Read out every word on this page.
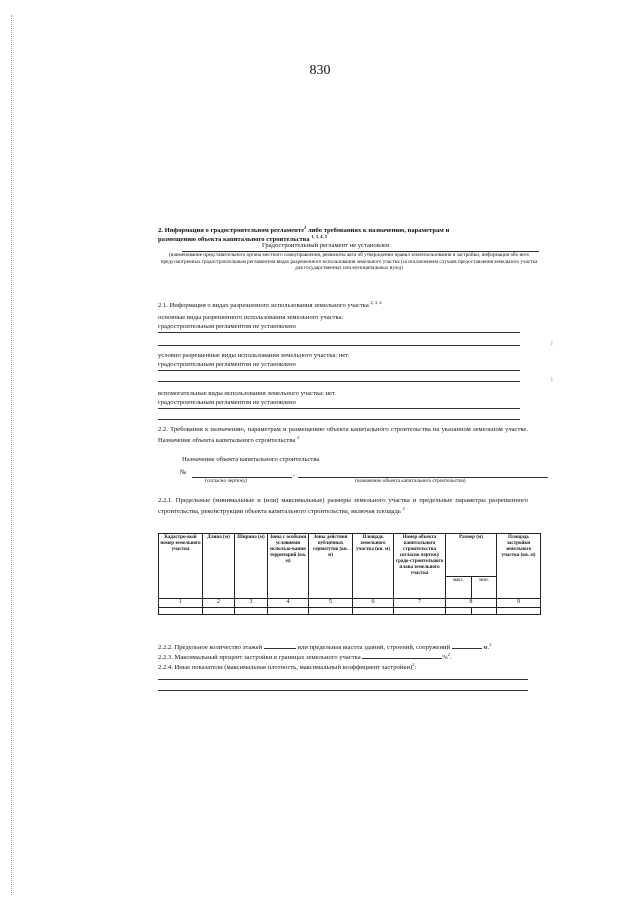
830
2. Информация о градостроительном регламенте$^2$ либо требованиях к назначению, параметрам и
размещению объекта капитального строительства $^{1, 3, 4, 5}$
Градостроительный регламент не установлен
(наименование представительного органа местного самоуправления, реквизиты акта об утверждении правил землепользования и застройки, информация обо всех предусмотренных градостроительным регламентом видах разрешенного использования земельного участка (за исключением случаев предоставления земельного участка для государственных или муниципальных нужд)
2.1. Информация о видах разрешенного использования земельного участка $^{2, 3, 4}$
основные виды разрешенного использования земельного участка:
градостроительным регламентом не установлено
;
условно разрешенные виды использования земельного участка: нет.
градостроительным регламентом не установлено
;
вспомогательные виды использования земельного участка: нет.
градостроительным регламентом не установлено
2.2. Требования к назначению, параметрам и размещению объекта капитального строительства на указанном земельном участке. Назначение объекта капитального строительства $^2$
Назначение объекта капитального строительства
№	,
(согласно чертежу)	(назначение объекта капитального строительства)
2.2.1. Предельные (минимальные и (или) максимальные) размеры земельного участка и предельные параметры разрешенного строительства, реконструкции объекта капитального строительства, включая площадь $^2$
Кадастро-вый номер земельного участка	Длина (м)	Ширина (м)	Зоны с особыми условиями использо-вания территорий (кв. м)	Зоны действия публичных сервитутов (кв. м)	Площадь земельного участка (кв. м)	Номер объекта капитального строительства согласно чертежу градо-строительного плана земельного участка	Размер (м)		Площадь застройки земельного участка (кв. м)
							макс.	мин.	
1	2	3	4	5	6	7	8		9

2.2.2. Предельное количество этажей	или предельная высота зданий, строений, сооружений	м.$^2$
2.2.3. Максимальный процент застройки в границах земельного участка	%$^2$.
2.2.4. Иные показатели (максимальная плотность, максимальный коэффициент застройки)$^2$:
